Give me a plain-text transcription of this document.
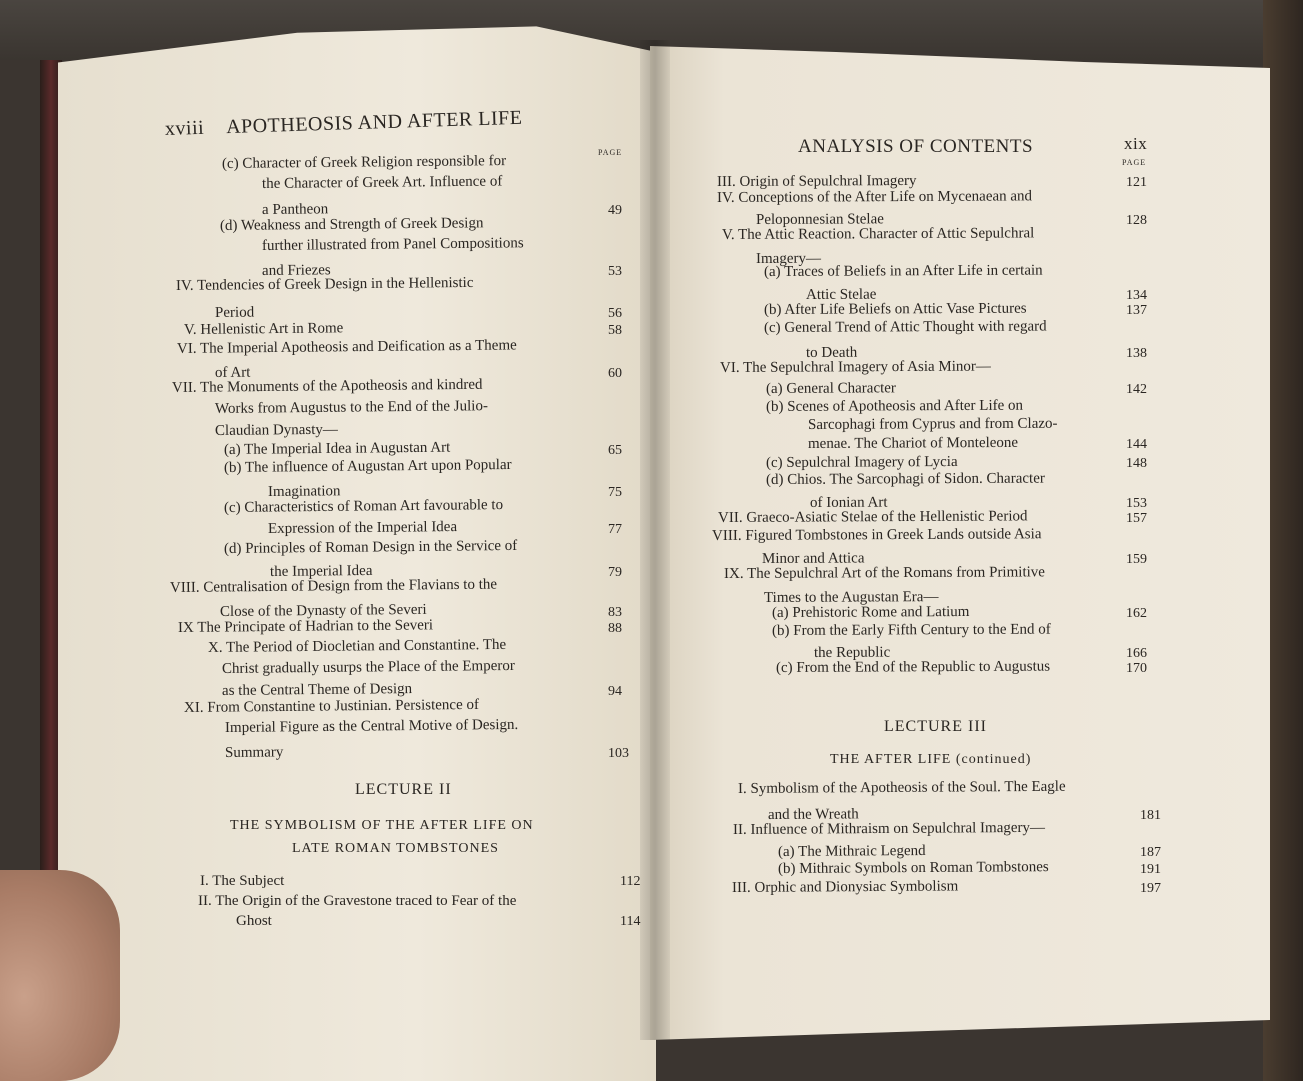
xviii APOTHEOSIS AND AFTER LIFE
PAGE
(c) Character of Greek Religion responsible for
the Character of Greek Art. Influence of
a Pantheon	49
(d) Weakness and Strength of Greek Design
further illustrated from Panel Compositions
and Friezes	53
IV. Tendencies of Greek Design in the Hellenistic
Period	56
V. Hellenistic Art in Rome	58
VI. The Imperial Apotheosis and Deification as a Theme
of Art	60
VII. The Monuments of the Apotheosis and kindred
Works from Augustus to the End of the Julio-
Claudian Dynasty—
(a) The Imperial Idea in Augustan Art	65
(b) The influence of Augustan Art upon Popular
Imagination	75
(c) Characteristics of Roman Art favourable to
Expression of the Imperial Idea	77
(d) Principles of Roman Design in the Service of
the Imperial Idea	79
VIII. Centralisation of Design from the Flavians to the
Close of the Dynasty of the Severi	83
IX The Principate of Hadrian to the Severi	88
X. The Period of Diocletian and Constantine. The
Christ gradually usurps the Place of the Emperor
as the Central Theme of Design	94
XI. From Constantine to Justinian. Persistence of
Imperial Figure as the Central Motive of Design.
Summary	103
LECTURE II
THE SYMBOLISM OF THE AFTER LIFE ON
LATE ROMAN TOMBSTONES
I. The Subject	112
II. The Origin of the Gravestone traced to Fear of the
Ghost	114
ANALYSIS OF CONTENTS	xix
PAGE
III. Origin of Sepulchral Imagery	121
IV. Conceptions of the After Life on Mycenaean and
Peloponnesian Stelae	128
V. The Attic Reaction. Character of Attic Sepulchral
Imagery—
(a) Traces of Beliefs in an After Life in certain
Attic Stelae	134
(b) After Life Beliefs on Attic Vase Pictures	137
(c) General Trend of Attic Thought with regard
to Death	138
VI. The Sepulchral Imagery of Asia Minor—
(a) General Character	142
(b) Scenes of Apotheosis and After Life on
Sarcophagi from Cyprus and from Clazo-
menae. The Chariot of Monteleone	144
(c) Sepulchral Imagery of Lycia	148
(d) Chios. The Sarcophagi of Sidon. Character
of Ionian Art	153
VII. Graeco-Asiatic Stelae of the Hellenistic Period	157
VIII. Figured Tombstones in Greek Lands outside Asia
Minor and Attica	159
IX. The Sepulchral Art of the Romans from Primitive
Times to the Augustan Era—
(a) Prehistoric Rome and Latium	162
(b) From the Early Fifth Century to the End of
the Republic	166
(c) From the End of the Republic to Augustus	170
LECTURE III
THE AFTER LIFE (continued)
I. Symbolism of the Apotheosis of the Soul. The Eagle
and the Wreath	181
II. Influence of Mithraism on Sepulchral Imagery—
(a) The Mithraic Legend	187
(b) Mithraic Symbols on Roman Tombstones	191
III. Orphic and Dionysiac Symbolism	197
